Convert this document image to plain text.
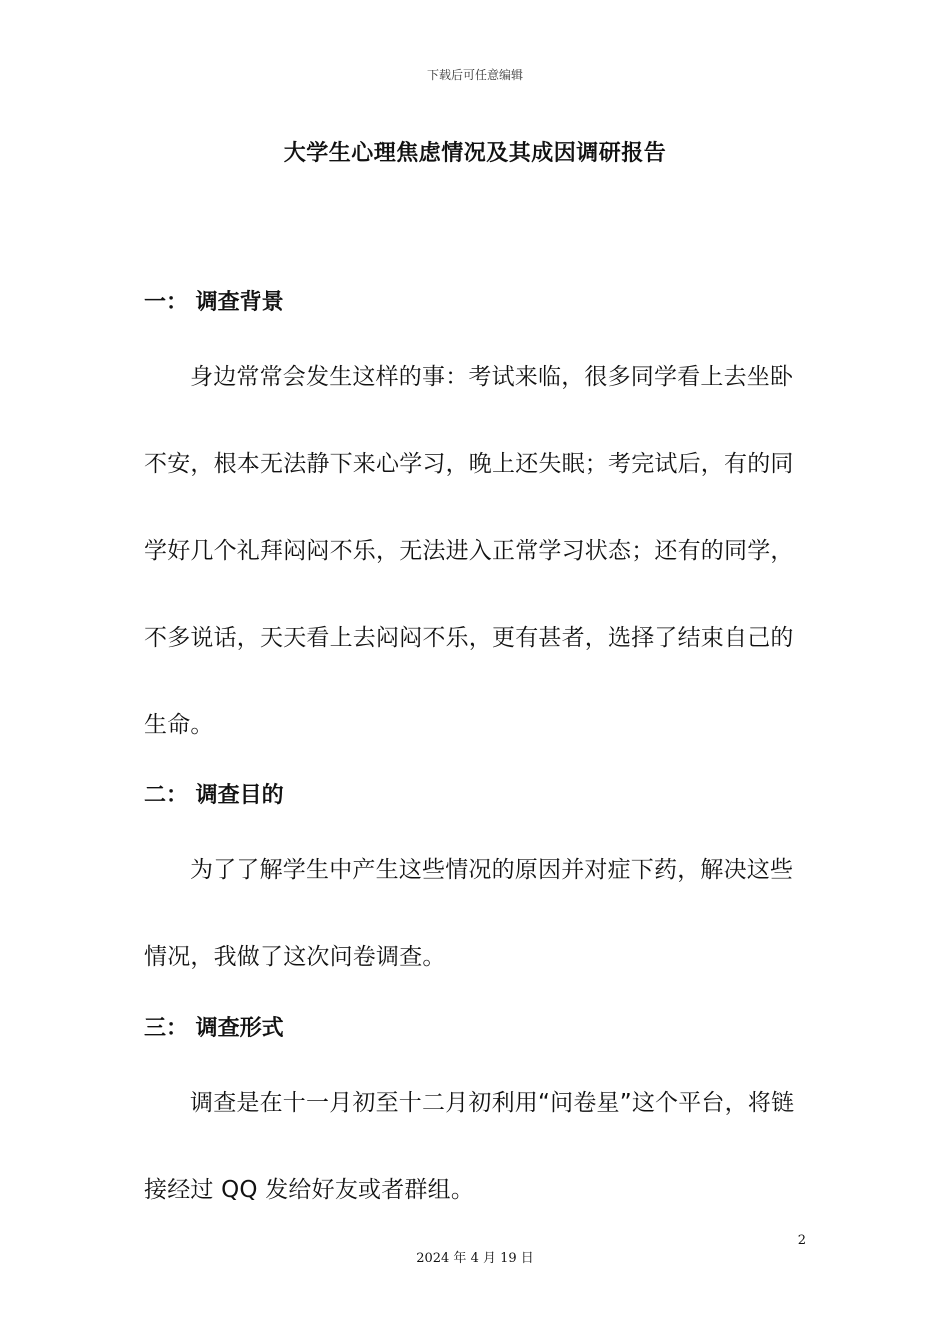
下载后可任意编辑
大学生心理焦虑情况及其成因调研报告
一： 调查背景
身边常常会发生这样的事：考试来临，很多同学看上去坐卧
不安，根本无法静下来心学习，晚上还失眠；考完试后，有的同
学好几个礼拜闷闷不乐，无法进入正常学习状态；还有的同学，
不多说话，天天看上去闷闷不乐，更有甚者，选择了结束自己的
生命。
二： 调查目的
为了了解学生中产生这些情况的原因并对症下药，解决这些
情况，我做了这次问卷调查。
三： 调查形式
调查是在十一月初至十二月初利用“问卷星”这个平台，将链
接经过 QQ 发给好友或者群组。
2
2024 年 4 月 19 日
